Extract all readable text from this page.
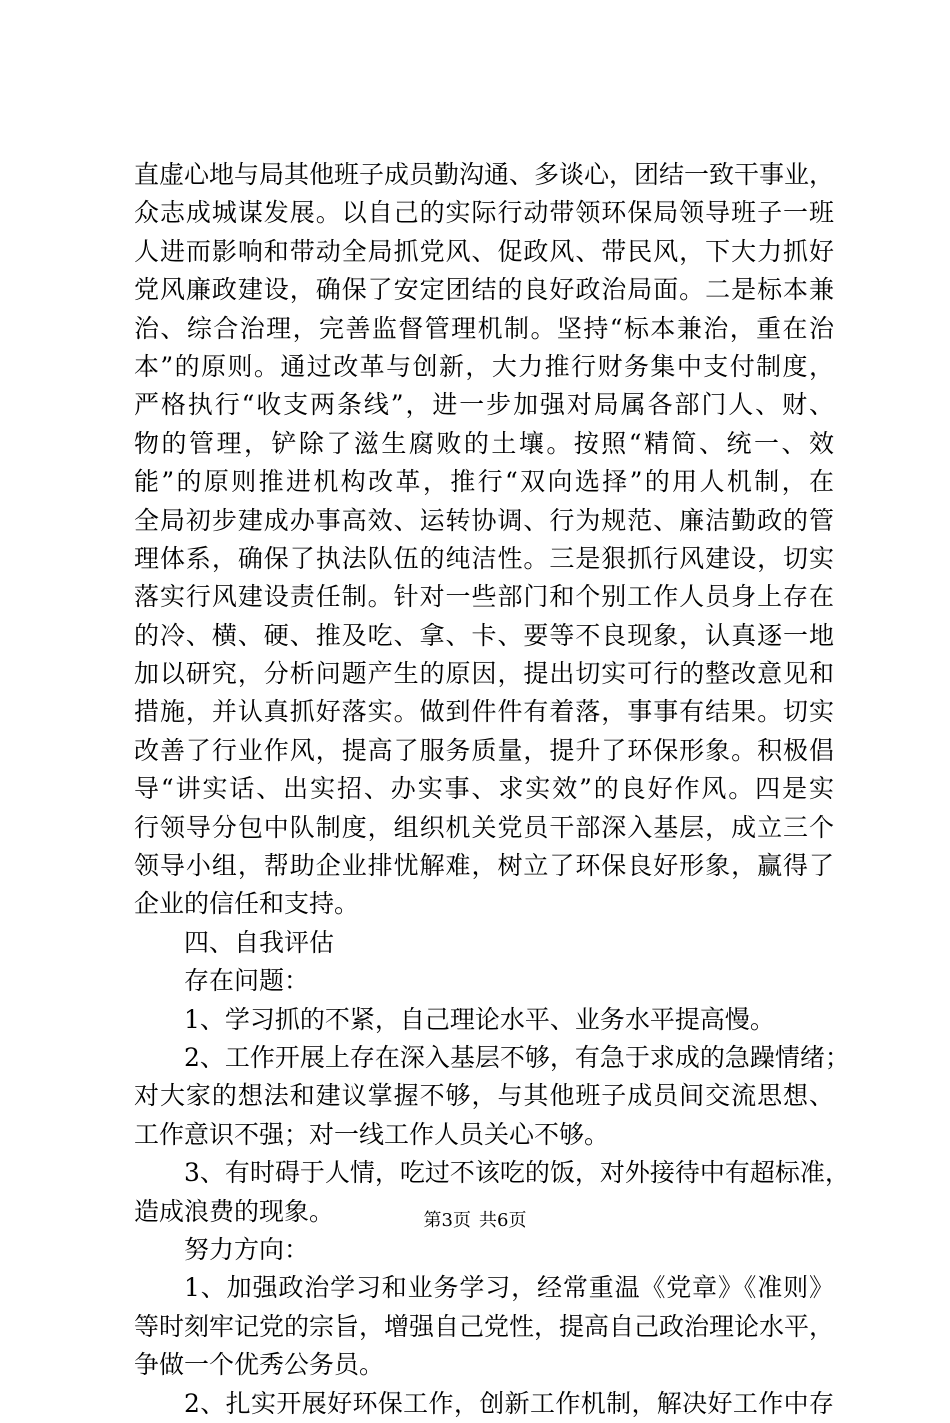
直虚心地与局其他班子成员勤沟通、多谈心，团结一致干事业，
众志成城谋发展。以自己的实际行动带领环保局领导班子一班
人进而影响和带动全局抓党风、促政风、带民风，下大力抓好
党风廉政建设，确保了安定团结的良好政治局面。二是标本兼
治、综合治理，完善监督管理机制。坚持“标本兼治，重在治
本”的原则。通过改革与创新，大力推行财务集中支付制度，
严格执行“收支两条线”，进一步加强对局属各部门人、财、
物的管理，铲除了滋生腐败的土壤。按照“精简、统一、效
能”的原则推进机构改革，推行“双向选择”的用人机制，在
全局初步建成办事高效、运转协调、行为规范、廉洁勤政的管
理体系，确保了执法队伍的纯洁性。三是狠抓行风建设，切实
落实行风建设责任制。针对一些部门和个别工作人员身上存在
的冷、横、硬、推及吃、拿、卡、要等不良现象，认真逐一地
加以研究，分析问题产生的原因，提出切实可行的整改意见和
措施，并认真抓好落实。做到件件有着落，事事有结果。切实
改善了行业作风，提高了服务质量，提升了环保形象。积极倡
导“讲实话、出实招、办实事、求实效”的良好作风。四是实
行领导分包中队制度，组织机关党员干部深入基层，成立三个
领导小组，帮助企业排忧解难，树立了环保良好形象，赢得了
企业的信任和支持。
四、自我评估
存在问题：
1、学习抓的不紧，自己理论水平、业务水平提高慢。
2、工作开展上存在深入基层不够，有急于求成的急躁情绪；
对大家的想法和建议掌握不够，与其他班子成员间交流思想、
工作意识不强；对一线工作人员关心不够。
3、有时碍于人情，吃过不该吃的饭，对外接待中有超标准，
造成浪费的现象。
努力方向：
1、加强政治学习和业务学习，经常重温《党章》《准则》
等时刻牢记党的宗旨，增强自己党性，提高自己政治理论水平，
争做一个优秀公务员。
2、扎实开展好环保工作，创新工作机制，解决好工作中存
第3页 共6页
